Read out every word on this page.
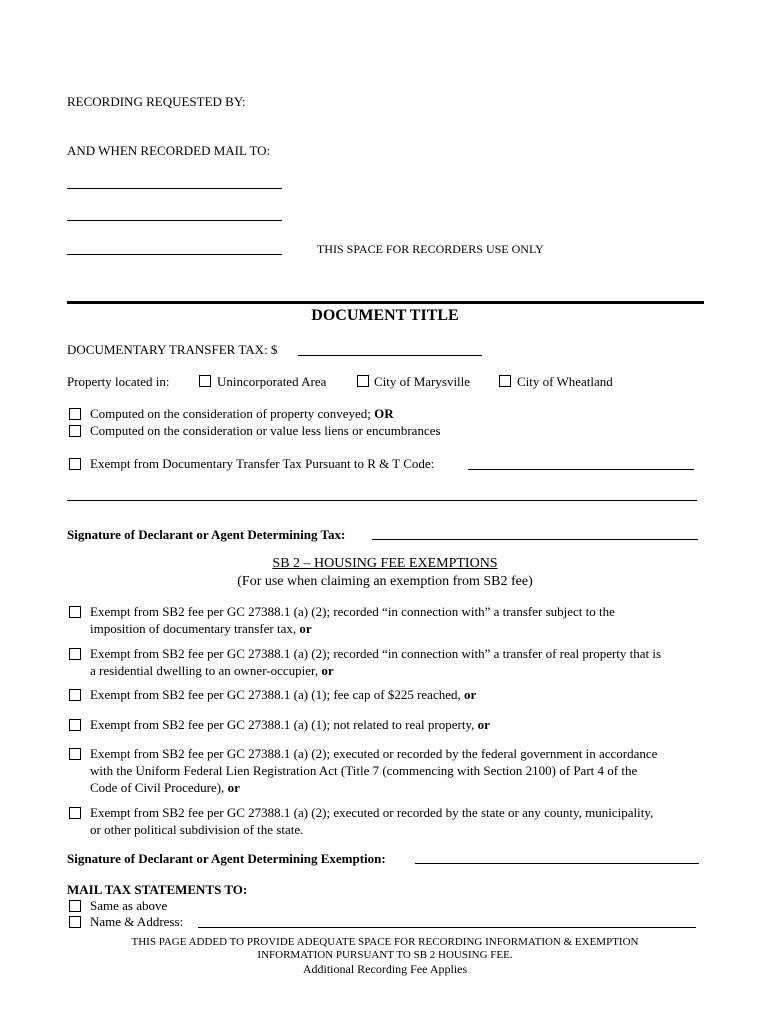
RECORDING REQUESTED BY:
AND WHEN RECORDED MAIL TO:
THIS SPACE FOR RECORDERS USE ONLY
DOCUMENT TITLE
DOCUMENTARY TRANSFER TAX: $
Property located in:	Unincorporated Area	City of Marysville	City of Wheatland
Computed on the consideration of property conveyed; OR
Computed on the consideration or value less liens or encumbrances
Exempt from Documentary Transfer Tax Pursuant to R & T Code:
Signature of Declarant or Agent Determining Tax:
SB 2 – HOUSING FEE EXEMPTIONS
(For use when claiming an exemption from SB2 fee)
Exempt from SB2 fee per GC 27388.1 (a) (2); recorded “in connection with” a transfer subject to the
imposition of documentary transfer tax, or
Exempt from SB2 fee per GC 27388.1 (a) (2); recorded “in connection with” a transfer of real property that is
a residential dwelling to an owner-occupier, or
Exempt from SB2 fee per GC 27388.1 (a) (1); fee cap of $225 reached, or
Exempt from SB2 fee per GC 27388.1 (a) (1); not related to real property, or
Exempt from SB2 fee per GC 27388.1 (a) (2); executed or recorded by the federal government in accordance
with the Uniform Federal Lien Registration Act (Title 7 (commencing with Section 2100) of Part 4 of the
Code of Civil Procedure), or
Exempt from SB2 fee per GC 27388.1 (a) (2); executed or recorded by the state or any county, municipality,
or other political subdivision of the state.
Signature of Declarant or Agent Determining Exemption:
MAIL TAX STATEMENTS TO:
Same as above
Name & Address:
THIS PAGE ADDED TO PROVIDE ADEQUATE SPACE FOR RECORDING INFORMATION & EXEMPTION
INFORMATION PURSUANT TO SB 2 HOUSING FEE.
Additional Recording Fee Applies
